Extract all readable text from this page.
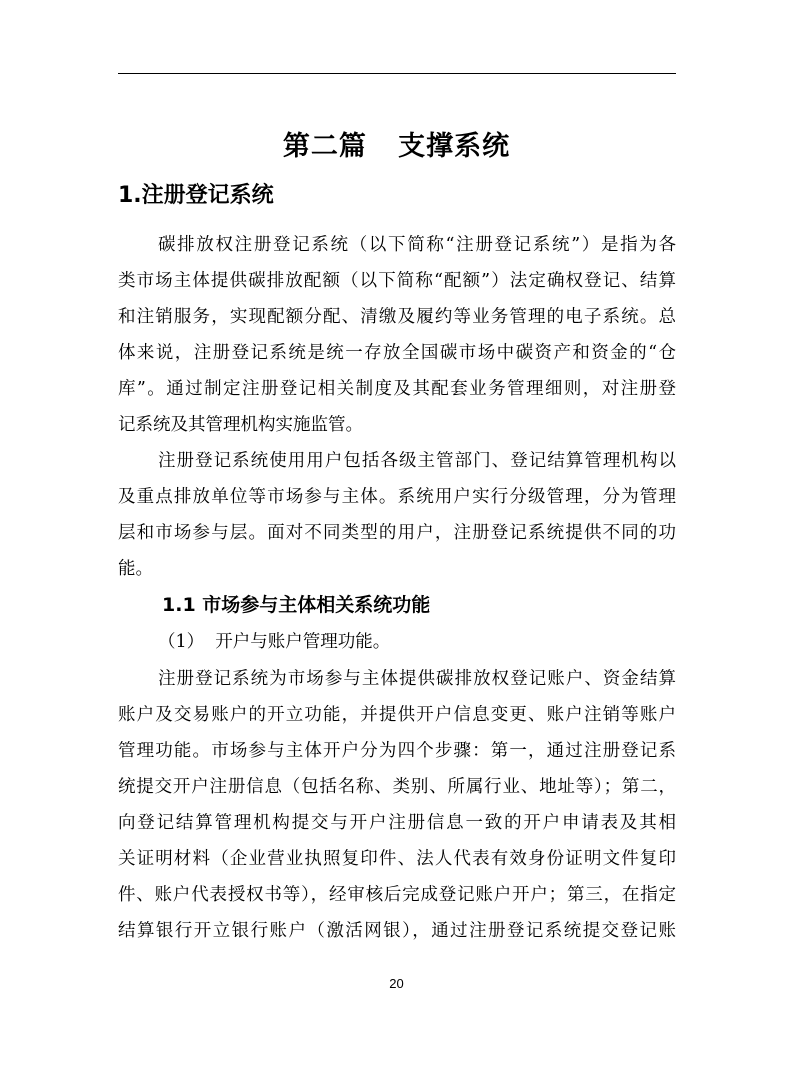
第二篇   支撑系统
1.注册登记系统
碳排放权注册登记系统（以下简称“注册登记系统”）是指为各
类市场主体提供碳排放配额（以下简称“配额”）法定确权登记、结算
和注销服务，实现配额分配、清缴及履约等业务管理的电子系统。总
体来说，注册登记系统是统一存放全国碳市场中碳资产和资金的“仓
库”。通过制定注册登记相关制度及其配套业务管理细则，对注册登
记系统及其管理机构实施监管。
注册登记系统使用用户包括各级主管部门、登记结算管理机构以
及重点排放单位等市场参与主体。系统用户实行分级管理，分为管理
层和市场参与层。面对不同类型的用户，注册登记系统提供不同的功
能。
1.1 市场参与主体相关系统功能
（1）  开户与账户管理功能。
注册登记系统为市场参与主体提供碳排放权登记账户、资金结算
账户及交易账户的开立功能，并提供开户信息变更、账户注销等账户
管理功能。市场参与主体开户分为四个步骤：第一，通过注册登记系
统提交开户注册信息（包括名称、类别、所属行业、地址等）；第二，
向登记结算管理机构提交与开户注册信息一致的开户申请表及其相
关证明材料（企业营业执照复印件、法人代表有效身份证明文件复印
件、账户代表授权书等），经审核后完成登记账户开户；第三，在指定
结算银行开立银行账户（激活网银），通过注册登记系统提交登记账
20
